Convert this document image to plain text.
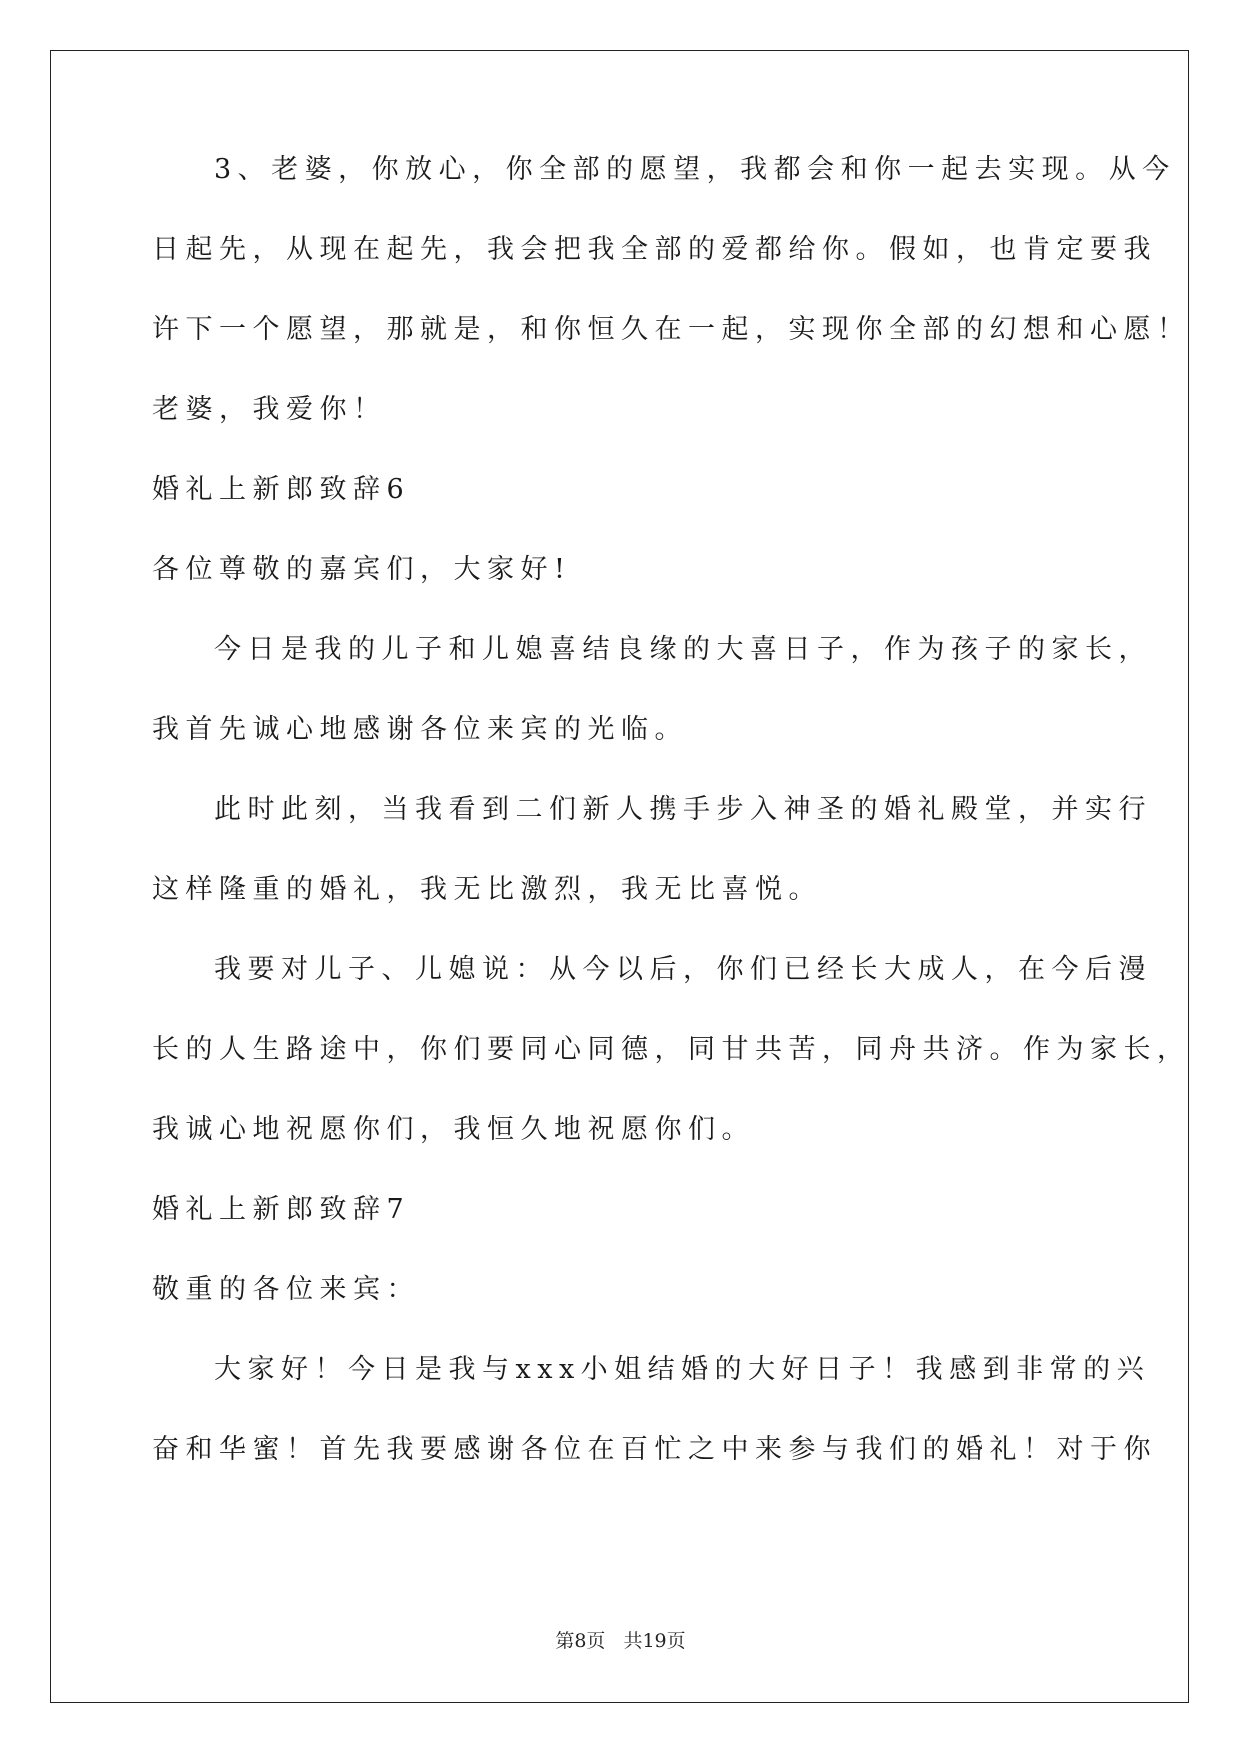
3、老婆，你放心，你全部的愿望，我都会和你一起去实现。从今
日起先，从现在起先，我会把我全部的爱都给你。假如，也肯定要我
许下一个愿望，那就是，和你恒久在一起，实现你全部的幻想和心愿！
老婆，我爱你！
婚礼上新郎致辞6
各位尊敬的嘉宾们，大家好!
今日是我的儿子和儿媳喜结良缘的大喜日子，作为孩子的家长，
我首先诚心地感谢各位来宾的光临。
此时此刻，当我看到二们新人携手步入神圣的婚礼殿堂，并实行
这样隆重的婚礼，我无比激烈，我无比喜悦。
我要对儿子、儿媳说：从今以后，你们已经长大成人，在今后漫
长的人生路途中，你们要同心同德，同甘共苦，同舟共济。作为家长，
我诚心地祝愿你们，我恒久地祝愿你们。
婚礼上新郎致辞7
敬重的各位来宾：
大家好！今日是我与xxx小姐结婚的大好日子！我感到非常的兴
奋和华蜜！首先我要感谢各位在百忙之中来参与我们的婚礼！对于你
第8页 共19页
